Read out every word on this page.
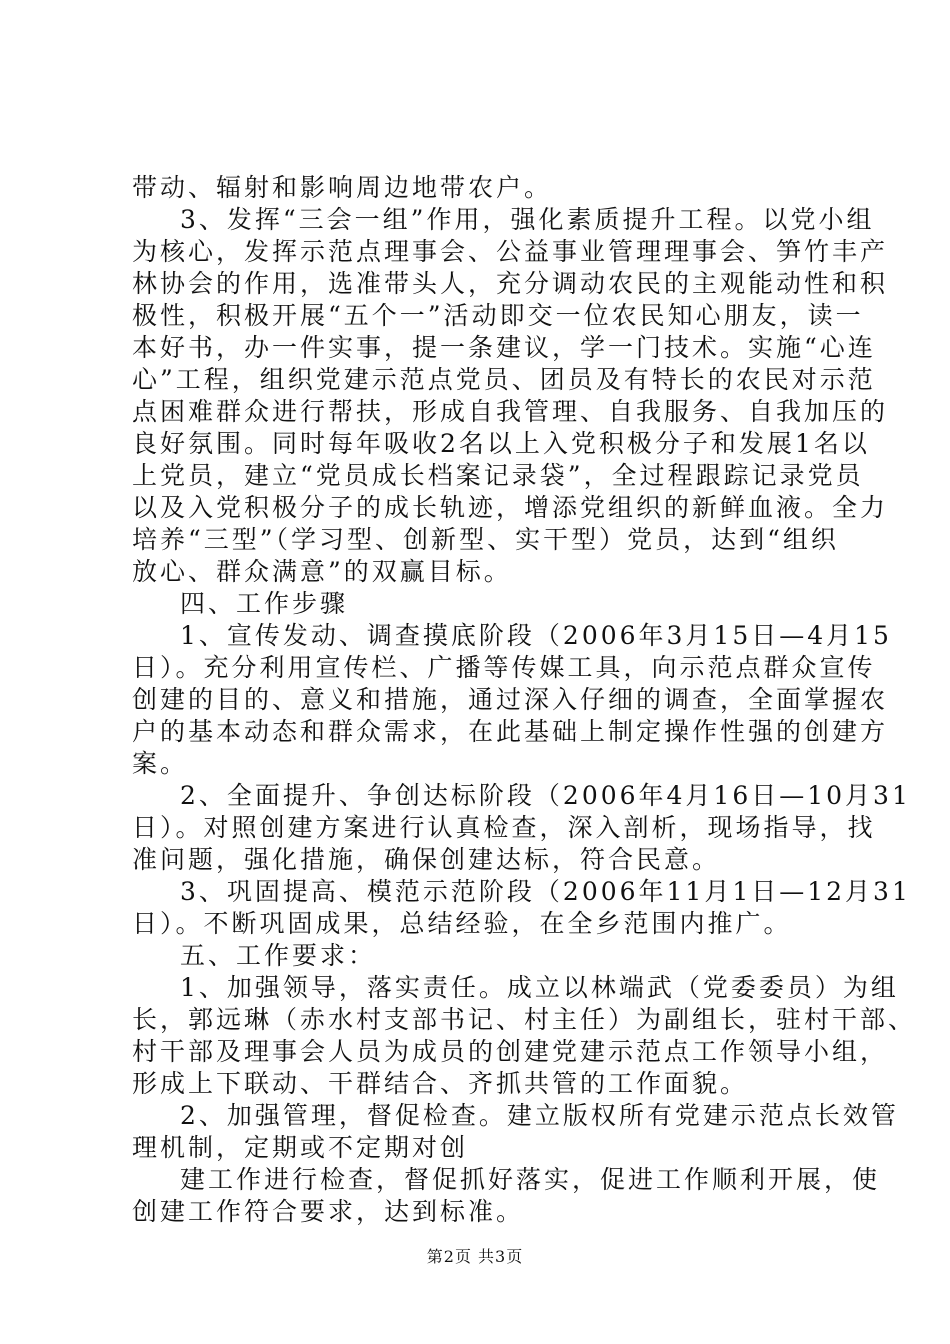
带动、辐射和影响周边地带农户。
3、发挥“三会一组”作用，强化素质提升工程。以党小组
为核心，发挥示范点理事会、公益事业管理理事会、笋竹丰产
林协会的作用，选准带头人，充分调动农民的主观能动性和积
极性，积极开展“五个一”活动即交一位农民知心朋友，读一
本好书，办一件实事，提一条建议，学一门技术。实施“心连
心”工程，组织党建示范点党员、团员及有特长的农民对示范
点困难群众进行帮扶，形成自我管理、自我服务、自我加压的
良好氛围。同时每年吸收2名以上入党积极分子和发展1名以
上党员，建立“党员成长档案记录袋”，全过程跟踪记录党员
以及入党积极分子的成长轨迹，增添党组织的新鲜血液。全力
培养“三型”（学习型、创新型、实干型）党员，达到“组织
放心、群众满意”的双赢目标。
四、工作步骤
1、宣传发动、调查摸底阶段（2006年3月15日—4月15
日）。充分利用宣传栏、广播等传媒工具，向示范点群众宣传
创建的目的、意义和措施，通过深入仔细的调查，全面掌握农
户的基本动态和群众需求，在此基础上制定操作性强的创建方
案。
2、全面提升、争创达标阶段（2006年4月16日—10月31
日）。对照创建方案进行认真检查，深入剖析，现场指导，找
准问题，强化措施，确保创建达标，符合民意。
3、巩固提高、模范示范阶段（2006年11月1日—12月31
日）。不断巩固成果，总结经验，在全乡范围内推广。
五、工作要求：
1、加强领导，落实责任。成立以林端武（党委委员）为组
长，郭远琳（赤水村支部书记、村主任）为副组长，驻村干部、
村干部及理事会人员为成员的创建党建示范点工作领导小组，
形成上下联动、干群结合、齐抓共管的工作面貌。
2、加强管理，督促检查。建立版权所有党建示范点长效管
理机制，定期或不定期对创
建工作进行检查，督促抓好落实，促进工作顺利开展，使
创建工作符合要求，达到标准。
第2页 共3页
